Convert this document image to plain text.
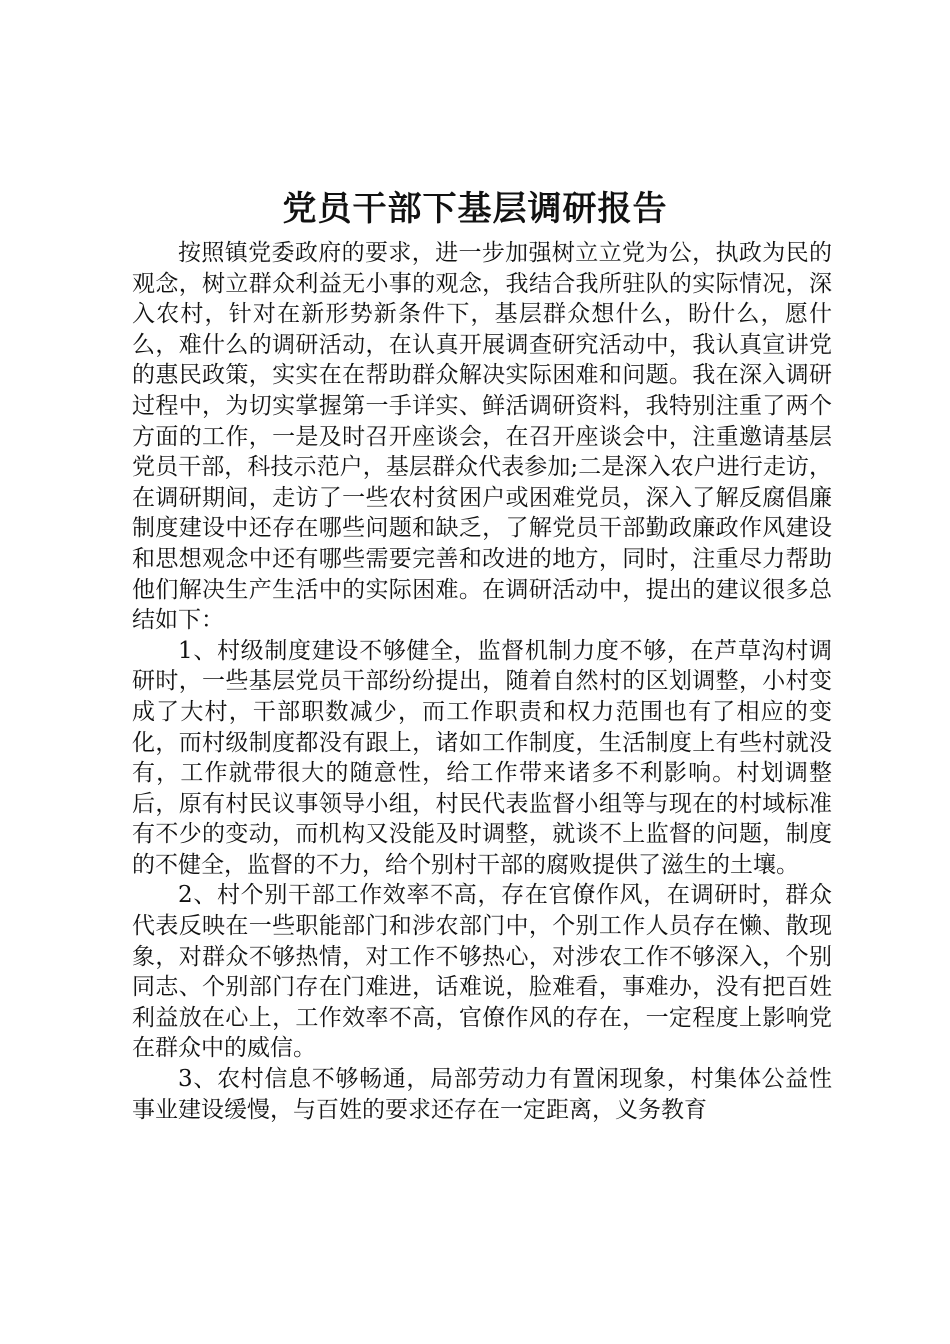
党员干部下基层调研报告

按照镇党委政府的要求，进一步加强树立立党为公，执政为民的观念，树立群众利益无小事的观念，我结合我所驻队的实际情况，深入农村，针对在新形势新条件下，基层群众想什么，盼什么，愿什么，难什么的调研活动，在认真开展调查研究活动中，我认真宣讲党的惠民政策，实实在在帮助群众解决实际困难和问题。我在深入调研过程中，为切实掌握第一手详实、鲜活调研资料，我特别注重了两个方面的工作，一是及时召开座谈会，在召开座谈会中，注重邀请基层党员干部，科技示范户，基层群众代表参加;二是深入农户进行走访，在调研期间，走访了一些农村贫困户或困难党员，深入了解反腐倡廉制度建设中还存在哪些问题和缺乏，了解党员干部勤政廉政作风建设和思想观念中还有哪些需要完善和改进的地方，同时，注重尽力帮助他们解决生产生活中的实际困难。在调研活动中，提出的建议很多总结如下：

1、村级制度建设不够健全，监督机制力度不够，在芦草沟村调研时，一些基层党员干部纷纷提出，随着自然村的区划调整，小村变成了大村，干部职数减少，而工作职责和权力范围也有了相应的变化，而村级制度都没有跟上，诸如工作制度，生活制度上有些村就没有，工作就带很大的随意性，给工作带来诸多不利影响。村划调整后，原有村民议事领导小组，村民代表监督小组等与现在的村域标准有不少的变动，而机构又没能及时调整，就谈不上监督的问题，制度的不健全，监督的不力，给个别村干部的腐败提供了滋生的土壤。

2、村个别干部工作效率不高，存在官僚作风，在调研时，群众代表反映在一些职能部门和涉农部门中，个别工作人员存在懒、散现象，对群众不够热情，对工作不够热心，对涉农工作不够深入，个别同志、个别部门存在门难进，话难说，脸难看，事难办，没有把百姓利益放在心上，工作效率不高，官僚作风的存在，一定程度上影响党在群众中的威信。

3、农村信息不够畅通，局部劳动力有置闲现象，村集体公益性事业建设缓慢，与百姓的要求还存在一定距离，义务教育
